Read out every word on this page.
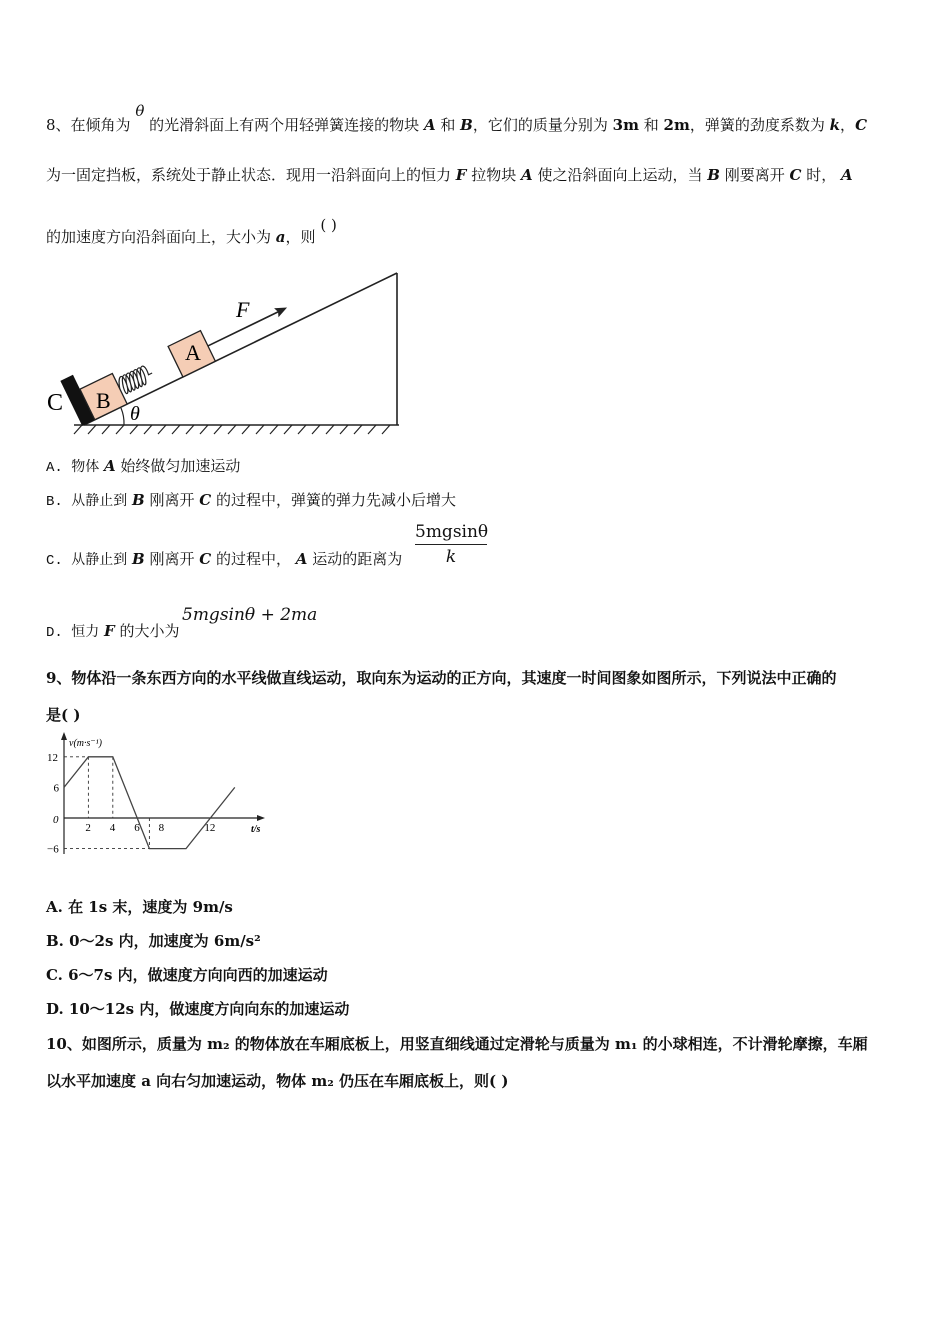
8、在倾角为 θ 的光滑斜面上有两个用轻弹簧连接的物块 A 和 B，它们的质量分别为 3m 和 2m，弹簧的劲度系数为 k，C
为一固定挡板，系统处于静止状态．现用一沿斜面向上的恒力 F 拉物块 A 使之沿斜面向上运动，当 B 刚要离开 C 时， A
的加速度方向沿斜面向上，大小为 a，则 ( )
θ
C B
A
F
A. 物体 A 始终做匀加速运动
B. 从静止到 B 刚离开 C 的过程中，弹簧的弹力先减小后增大
C. 从静止到 B 刚离开 C 的过程中， A 运动的距离为 $\frac{5mgsin\theta}{k}$
D. 恒力 F 的大小为
5mgsinθ + 2ma
9、物体沿一条东西方向的水平线做直线运动，取向东为运动的正方向，其速度一时间图象如图所示，下列说法中正确的
是( )
v(m·s⁻¹)
t/s
0
2 4 6 8	12
12
6
−6
A. 在 1s 末，速度为 9m/s
B. 0～2s 内，加速度为 6m/s²
C. 6～7s 内，做速度方向向西的加速运动
D. 10～12s 内，做速度方向向东的加速运动
10、如图所示，质量为 m₂ 的物体放在车厢底板上，用竖直细线通过定滑轮与质量为 m₁ 的小球相连，不计滑轮摩擦，车厢
以水平加速度 a 向右匀加速运动，物体 m₂ 仍压在车厢底板上，则( )
